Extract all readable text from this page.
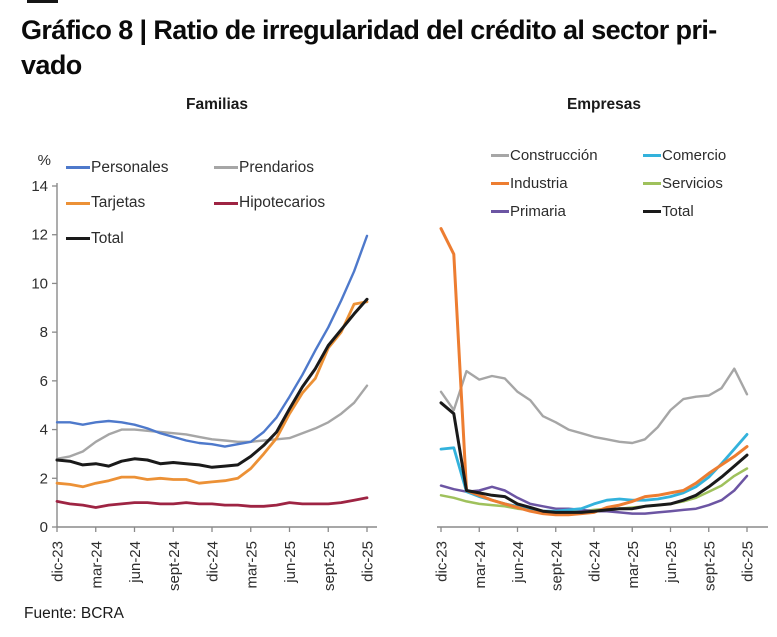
Gráfico 8 | Ratio de irregularidad del crédito al sector pri-
vado
Familias	Empresas
dic-23 mar-24 jun-24 sept-24 dic-24 mar-25 jun-25 sept-25 dic-25
0
2
4
6
8
10
12
14
%
dic-23 mar-24 jun-24 sept-24 dic-24 mar-25 jun-25 sept-25 dic-25
Personales	Prendarios
Tarjetas	Hipotecarios
Total
Construcción	Comercio
Industria	Servicios
Primaria	Total
Fuente: BCRA
